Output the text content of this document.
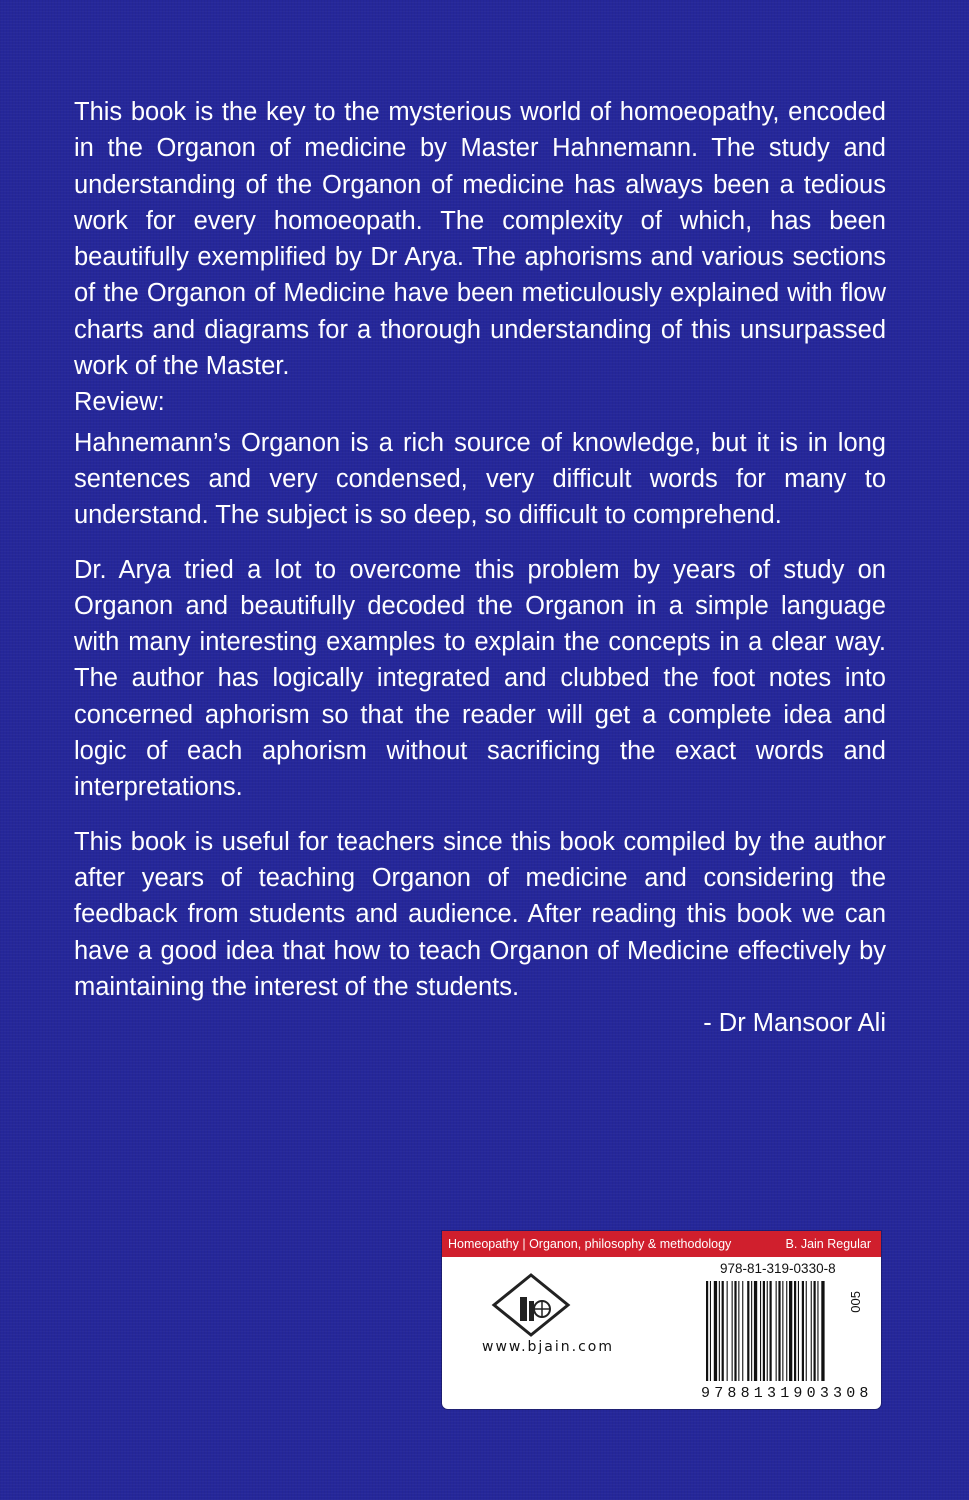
This book is the key to the mysterious world of homoeopathy, encoded in the Organon of medicine by Master Hahnemann. The study and understanding of the Organon of medicine has always been a tedious work for every homoeopath. The complexity of which, has been beautifully exemplified by Dr Arya. The aphorisms and various sections of the Organon of Medicine have been meticulously explained with flow charts and diagrams for a thorough understanding of this unsurpassed work of the Master.

Review:

Hahnemann’s Organon is a rich source of knowledge, but it is in long sentences and very condensed, very difficult words for many to understand. The subject is so deep, so difficult to comprehend.

Dr. Arya tried a lot to overcome this problem by years of study on Organon and beautifully decoded the Organon in a simple language with many interesting examples to explain the concepts in a clear way. The author has logically integrated and clubbed the foot notes into concerned aphorism so that the reader will get a complete idea and logic of each aphorism without sacrificing the exact words and interpretations.

This book is useful for teachers since this book compiled by the author after years of teaching Organon of medicine and considering the feedback from students and audience. After reading this book we can have a good idea that how to teach Organon of Medicine effectively by maintaining the interest of the students.

- Dr Mansoor Ali

Homeopathy | Organon, philosophy & methodology	B. Jain Regular
www.bjain.com
978-81-319-0330-8
005
9788131903308
